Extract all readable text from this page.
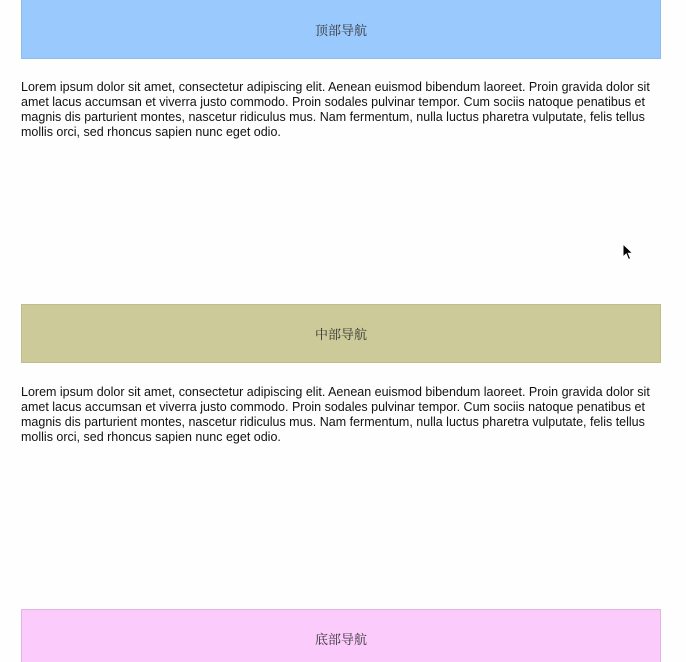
顶部导航
Lorem ipsum dolor sit amet, consectetur adipiscing elit. Aenean euismod bibendum laoreet. Proin gravida dolor sit amet lacus accumsan et viverra justo commodo. Proin sodales pulvinar tempor. Cum sociis natoque penatibus et magnis dis parturient montes, nascetur ridiculus mus. Nam fermentum, nulla luctus pharetra vulputate, felis tellus mollis orci, sed rhoncus sapien nunc eget odio.
中部导航
Lorem ipsum dolor sit amet, consectetur adipiscing elit. Aenean euismod bibendum laoreet. Proin gravida dolor sit amet lacus accumsan et viverra justo commodo. Proin sodales pulvinar tempor. Cum sociis natoque penatibus et magnis dis parturient montes, nascetur ridiculus mus. Nam fermentum, nulla luctus pharetra vulputate, felis tellus mollis orci, sed rhoncus sapien nunc eget odio.
底部导航
